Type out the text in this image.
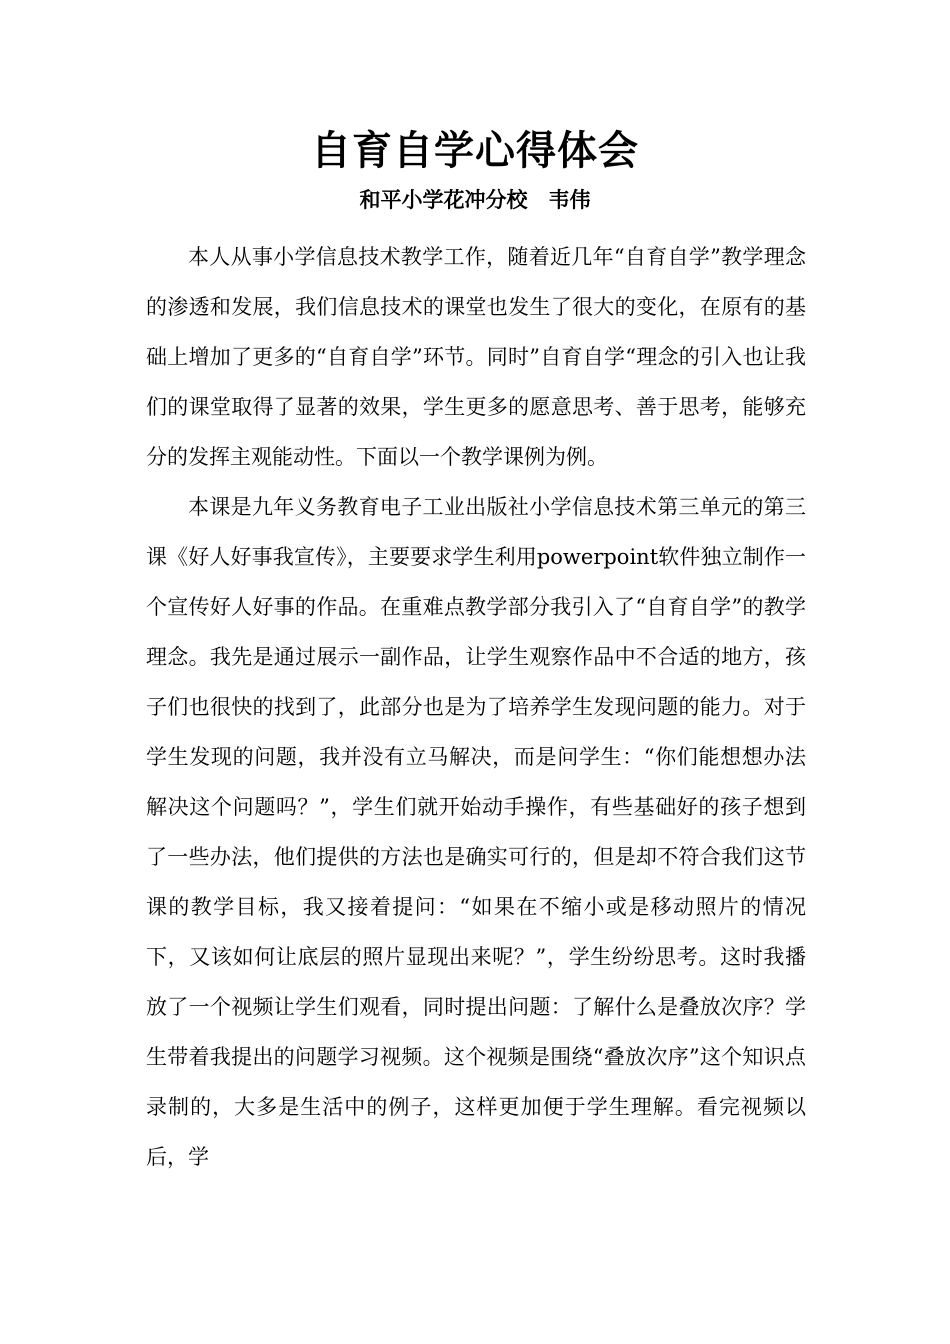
自育自学心得体会
和平小学花冲分校　韦伟

本人从事小学信息技术教学工作，随着近几年“自育自学”教学理念的渗透和发展，我们信息技术的课堂也发生了很大的变化，在原有的基础上增加了更多的“自育自学”环节。同时”自育自学“理念的引入也让我们的课堂取得了显著的效果，学生更多的愿意思考、善于思考，能够充分的发挥主观能动性。下面以一个教学课例为例。

本课是九年义务教育电子工业出版社小学信息技术第三单元的第三课《好人好事我宣传》，主要要求学生利用powerpoint软件独立制作一个宣传好人好事的作品。在重难点教学部分我引入了“自育自学”的教学理念。我先是通过展示一副作品，让学生观察作品中不合适的地方，孩子们也很快的找到了，此部分也是为了培养学生发现问题的能力。对于学生发现的问题，我并没有立马解决，而是问学生：“你们能想想办法解决这个问题吗？”，学生们就开始动手操作，有些基础好的孩子想到了一些办法，他们提供的方法也是确实可行的，但是却不符合我们这节课的教学目标，我又接着提问：“如果在不缩小或是移动照片的情况下，又该如何让底层的照片显现出来呢？”，学生纷纷思考。这时我播放了一个视频让学生们观看，同时提出问题：了解什么是叠放次序？学生带着我提出的问题学习视频。这个视频是围绕“叠放次序”这个知识点录制的，大多是生活中的例子，这样更加便于学生理解。看完视频以后，学
